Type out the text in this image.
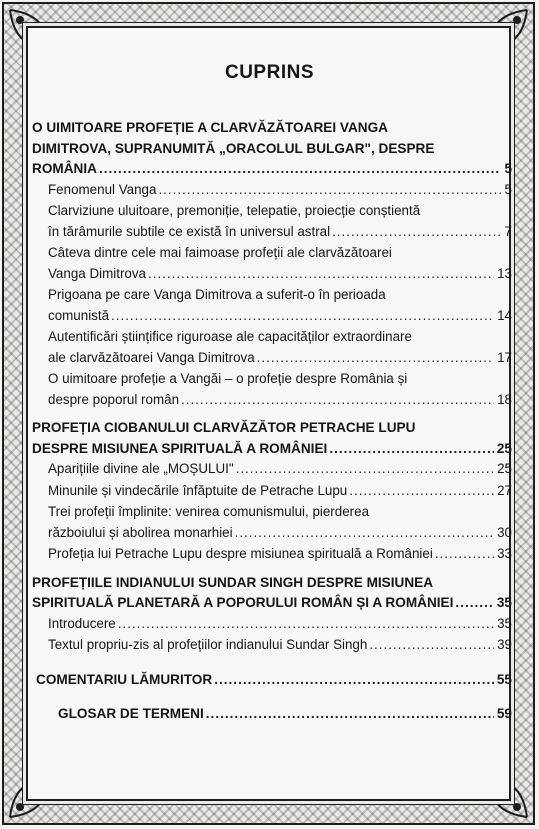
CUPRINS
O UIMITOARE PROFEȚIE A CLARVĂZĂTOAREI VANGA
DIMITROVA, SUPRANUMITĂ „ORACOLUL BULGAR", DESPRE
ROMÂNIA .....	5
Fenomenul Vanga .....	5
Clarviziune uluitoare, premoniție, telepatie, proiecție conștientă
în tărâmurile subtile ce există în universul astral .....	7
Câteva dintre cele mai faimoase profeții ale clarvăzătoarei
Vanga Dimitrova .....	13
Prigoana pe care Vanga Dimitrova a suferit-o în perioada
comunistă .....	14
Autentificări științifice riguroase ale capacităților extraordinare
ale clarvăzătoarei Vanga Dimitrova .....	17
O uimitoare profeție a Vangăi – o profeție despre România și
despre poporul român .....	18
PROFEȚIA CIOBANULUI CLARVĂZĂTOR PETRACHE LUPU
DESPRE MISIUNEA SPIRITUALĂ A ROMÂNIEI .....	25
Aparițiile divine ale „MOȘULUI" .....	25
Minunile și vindecările înfăptuite de Petrache Lupu .....	27
Trei profeții împlinite: venirea comunismului, pierderea
războiului și abolirea monarhiei .....	30
Profeția lui Petrache Lupu despre misiunea spirituală a României .....	33
PROFEȚIILE INDIANULUI SUNDAR SINGH DESPRE MISIUNEA
SPIRITUALĂ PLANETARĂ A POPORULUI ROMÂN ȘI A ROMÂNIEI .....	35
Introducere .....	35
Textul propriu-zis al profețiilor indianului Sundar Singh .....	39
COMENTARIU LĂMURITOR .....	55
GLOSAR DE TERMENI .....	59
